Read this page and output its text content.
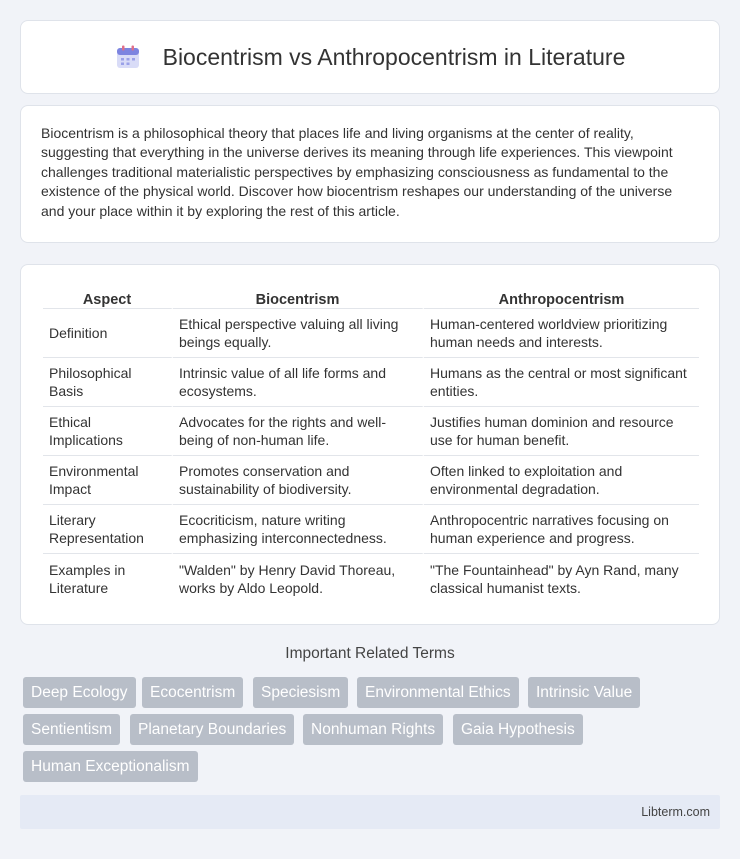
Biocentrism vs Anthropocentrism in Literature

Biocentrism is a philosophical theory that places life and living organisms at the center of reality, suggesting that everything in the universe derives its meaning through life experiences. This viewpoint challenges traditional materialistic perspectives by emphasizing consciousness as fundamental to the existence of the physical world. Discover how biocentrism reshapes our understanding of the universe and your place within it by exploring the rest of this article.

Aspect	Biocentrism	Anthropocentrism
Definition	Ethical perspective valuing all living beings equally.	Human-centered worldview prioritizing human needs and interests.
Philosophical Basis	Intrinsic value of all life forms and ecosystems.	Humans as the central or most significant entities.
Ethical Implications	Advocates for the rights and well-being of non-human life.	Justifies human dominion and resource use for human benefit.
Environmental Impact	Promotes conservation and sustainability of biodiversity.	Often linked to exploitation and environmental degradation.
Literary Representation	Ecocriticism, nature writing emphasizing interconnectedness.	Anthropocentric narratives focusing on human experience and progress.
Examples in Literature	"Walden" by Henry David Thoreau, works by Aldo Leopold.	"The Fountainhead" by Ayn Rand, many classical humanist texts.
Important Related Terms
Deep Ecology	Ecocentrism	Speciesism	Environmental Ethics	Intrinsic Value
Sentientism	Planetary Boundaries	Nonhuman Rights	Gaia Hypothesis
Human Exceptionalism
Libterm.com
